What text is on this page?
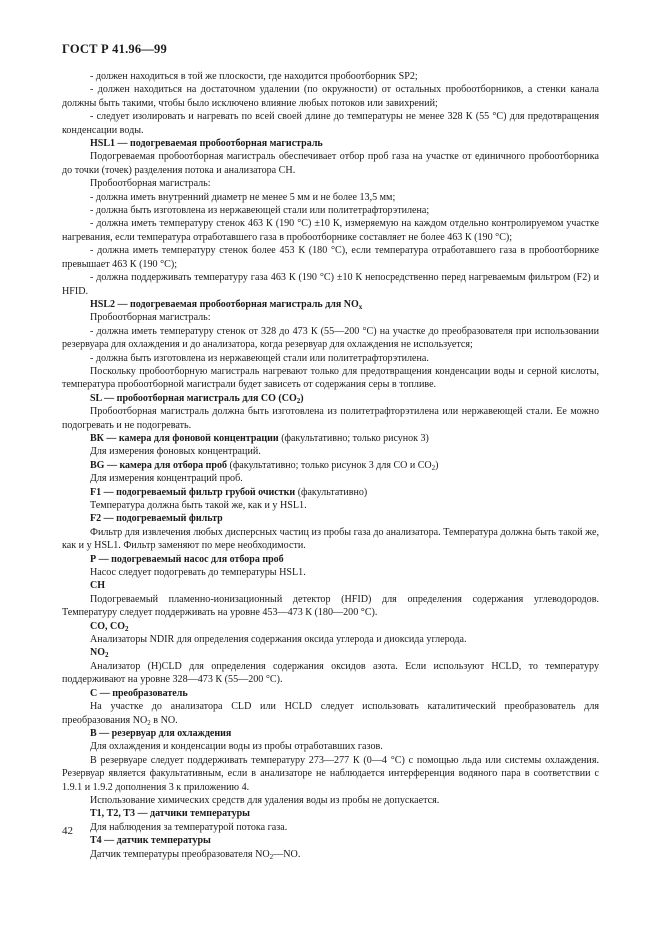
ГОСТ Р 41.96—99

- должен находиться в той же плоскости, где находится пробоотборник SP2;

- должен находиться на достаточном удалении (по окружности) от остальных пробоотборников, а стенки канала должны быть такими, чтобы было исключено влияние любых потоков или завихрений;

- следует изолировать и нагревать по всей своей длине до температуры не менее 328 К (55 °С) для предотвращения конденсации воды.

HSL1 — подогреваемая пробоотборная магистраль

Подогреваемая пробоотборная магистраль обеспечивает отбор проб газа на участке от единичного пробоотборника до точки (точек) разделения потока и анализатора СН.

Пробоотборная магистраль:

- должна иметь внутренний диаметр не менее 5 мм и не более 13,5 мм;

- должна быть изготовлена из нержавеющей стали или политетрафторэтилена;

- должна иметь температуру стенок 463 К (190 °С) ±10 К, измеряемую на каждом отдельно контролируемом участке нагревания, если температура отработавшего газа в пробоотборнике составляет не более 463 К (190 °С);

- должна иметь температуру стенок более 453 К (180 °С), если температура отработавшего газа в пробоотборнике превышает 463 К (190 °С);

- должна поддерживать температуру газа 463 К (190 °С) ±10 К непосредственно перед нагреваемым фильтром (F2) и HFID.

HSL2 — подогреваемая пробоотборная магистраль для $NO_x$

Пробоотборная магистраль:

- должна иметь температуру стенок от 328 до 473 К (55—200 °С) на участке до преобразователя при использовании резервуара для охлаждения и до анализатора, когда резервуар для охлаждения не используется;

- должна быть изготовлена из нержавеющей стали или политетрафторэтилена.

Поскольку пробоотборную магистраль нагревают только для предотвращения конденсации воды и серной кислоты, температура пробоотборной магистрали будет зависеть от содержания серы в топливе.

SL — пробоотборная магистраль для СО $(СО_2)$

Пробоотборная магистраль должна быть изготовлена из политетрафторэтилена или нержавеющей стали. Ее можно подогревать и не подогревать.

ВК — камера для фоновой концентрации (факультативно; только рисунок 3)

Для измерения фоновых концентраций.

BG — камера для отбора проб (факультативно; только рисунок 3 для СО и $СО_2$)

Для измерения концентраций проб.

F1 — подогреваемый фильтр грубой очистки (факультативно)

Температура должна быть такой же, как и у HSL1.

F2 — подогреваемый фильтр

Фильтр для извлечения любых дисперсных частиц из пробы газа до анализатора. Температура должна быть такой же, как и у HSL1. Фильтр заменяют по мере необходимости.

Р — подогреваемый насос для отбора проб

Насос следует подогревать до температуры HSL1.

СН

Подогреваемый пламенно-ионизационный детектор (HFID) для определения содержания углеводородов. Температуру следует поддерживать на уровне 453—473 К (180—200 °С).

СО, $СО_2$

Анализаторы NDIR для определения содержания оксида углерода и диоксида углерода.

$NO_2$

Анализатор (H)CLD для определения содержания оксидов азота. Если используют HCLD, то температуру поддерживают на уровне 328—473 К (55—200 °С).

С — преобразователь

На участке до анализатора CLD или HCLD следует использовать каталитический преобразователь для преобразования $NO_2$ в NO.

В — резервуар для охлаждения

Для охлаждения и конденсации воды из пробы отработавших газов.

В резервуаре следует поддерживать температуру 273—277 К (0—4 °С) с помощью льда или системы охлаждения. Резервуар является факультативным, если в анализаторе не наблюдается интерференция водяного пара в соответствии с 1.9.1 и 1.9.2 дополнения 3 к приложению 4.

Использование химических средств для удаления воды из пробы не допускается.

Т1, Т2, Т3 — датчики температуры

Для наблюдения за температурой потока газа.

Т4 — датчик температуры

Датчик температуры преобразователя $NO_2—NO$.

42
